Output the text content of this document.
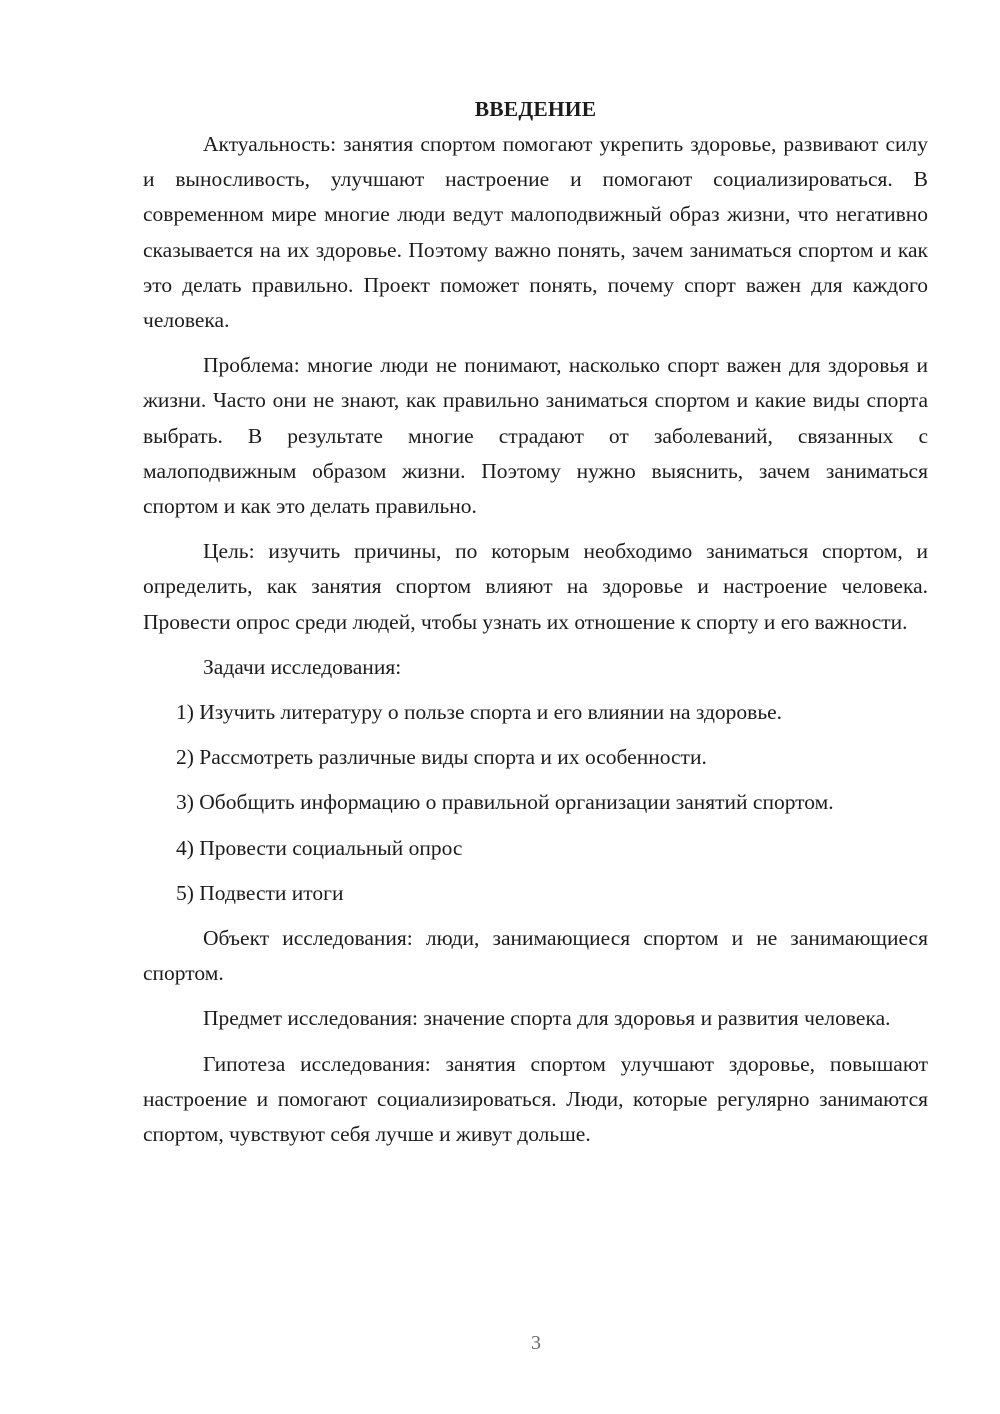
ВВЕДЕНИЕ

Актуальность: занятия спортом помогают укрепить здоровье, развивают силу и выносливость, улучшают настроение и помогают социализироваться. В современном мире многие люди ведут малоподвижный образ жизни, что негативно сказывается на их здоровье. Поэтому важно понять, зачем заниматься спортом и как это делать правильно. Проект поможет понять, почему спорт важен для каждого человека.

Проблема: многие люди не понимают, насколько спорт важен для здоровья и жизни. Часто они не знают, как правильно заниматься спортом и какие виды спорта выбрать. В результате многие страдают от заболеваний, связанных с малоподвижным образом жизни. Поэтому нужно выяснить, зачем заниматься спортом и как это делать правильно.

Цель: изучить причины, по которым необходимо заниматься спортом, и определить, как занятия спортом влияют на здоровье и настроение человека. Провести опрос среди людей, чтобы узнать их отношение к спорту и его важности.

Задачи исследования:

1) Изучить литературу о пользе спорта и его влиянии на здоровье.

2) Рассмотреть различные виды спорта и их особенности.

3) Обобщить информацию о правильной организации занятий спортом.

4) Провести социальный опрос

5) Подвести итоги

Объект исследования: люди, занимающиеся спортом и не занимающиеся спортом.

Предмет исследования: значение спорта для здоровья и развития человека.

Гипотеза исследования: занятия спортом улучшают здоровье, повышают настроение и помогают социализироваться. Люди, которые регулярно занимаются спортом, чувствуют себя лучше и живут дольше.

3
